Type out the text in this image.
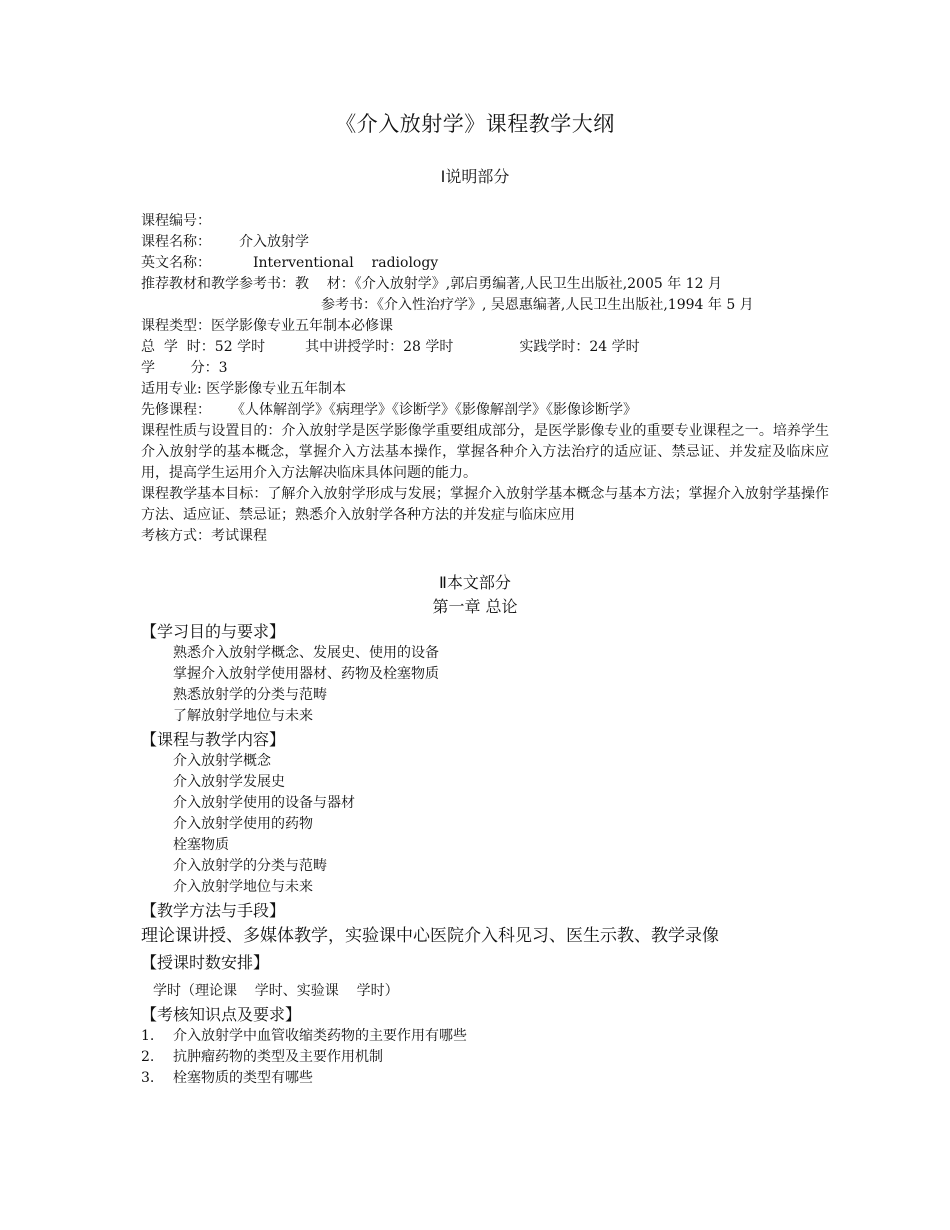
《介入放射学》课程教学大纲
Ⅰ说明部分
课程编号：
课程名称： 介入放射学
英文名称：	Interventional    radiology
推荐教材和教学参考书：教    材：《介入放射学》,郭启勇编著,人民卫生出版社,2005 年 12 月
参考书：《介入性治疗学》, 吴恩惠编著,人民卫生出版社,1994 年 5 月
课程类型：医学影像专业五年制本必修课
总  学  时：52 学时	其中讲授学时：28 学时	实践学时：24 学时
学        分：3
适用专业: 医学影像专业五年制本
先修课程： 《人体解剖学》《病理学》《诊断学》《影像解剖学》《影像诊断学》
课程性质与设置目的：介入放射学是医学影像学重要组成部分，是医学影像专业的重要专业课程之一。培养学生介入放射学的基本概念，掌握介入方法基本操作，掌握各种介入方法治疗的适应证、禁忌证、并发症及临床应用，提高学生运用介入方法解决临床具体问题的能力。
课程教学基本目标：了解介入放射学形成与发展；掌握介入放射学基本概念与基本方法；掌握介入放射学基操作方法、适应证、禁忌证；熟悉介入放射学各种方法的并发症与临床应用
考核方式：考试课程
Ⅱ本文部分
第一章 总论
【学习目的与要求】
熟悉介入放射学概念、发展史、使用的设备
掌握介入放射学使用器材、药物及栓塞物质
熟悉放射学的分类与范畴
了解放射学地位与未来
【课程与教学内容】
介入放射学概念
介入放射学发展史
介入放射学使用的设备与器材
介入放射学使用的药物
栓塞物质
介入放射学的分类与范畴
介入放射学地位与未来
【教学方法与手段】
理论课讲授、多媒体教学，实验课中心医院介入科见习、医生示教、教学录像
【授课时数安排】
学时（理论课    学时、实验课    学时）
【考核知识点及要求】
1.	介入放射学中血管收缩类药物的主要作用有哪些
2.	抗肿瘤药物的类型及主要作用机制
3.	栓塞物质的类型有哪些
